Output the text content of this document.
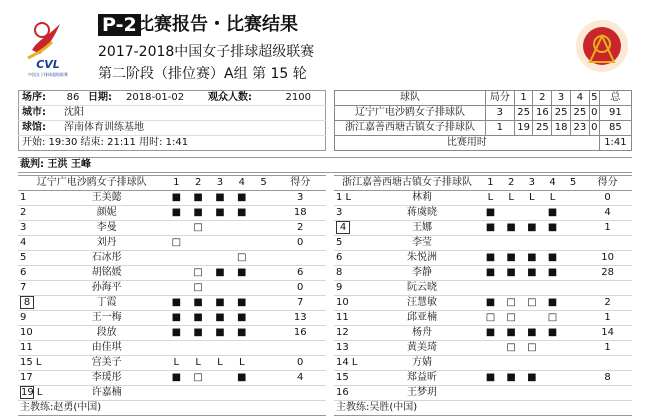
CVL
中国女子排球超级联赛
P-2 比赛报告・比赛结果
2017-2018中国女子排球超级联赛
第二阶段（排位赛）A组 第 15 轮
场序:	86	日期:	2018-01-02	观众人数:	2100
城市:	沈阳				
球馆:	浑南体育训练基地				
开始: 19:30 结束: 21:11 用时: 1:41					
球队	局分	1	2	3	4	5	总
辽宁广电沙鸥女子排球队	3	25	16	25	25	0	91
浙江嘉善西塘古镇女子排球队	1	19	25	18	23	0	85
比赛用时							1:41
裁判: 王洪 王峰
辽宁广电沙鸥女子排球队		1	2	3	4	5	得分
1	王美懿	■	■	■	■		3
2	颜妮	■	■	■	■		18
3	李曼		□				2
4	刘丹	□					0
5	石冰彤				□		
6	胡铭媛		□	■	■		6
7	孙海平		□				0
8	丁霞	■	■	■	■		7
9	王一梅	■	■	■	■		13
10	段放	■	■	■	■		16
11	由佳琪						
15 L	宫美子	L	L	L	L		0
17	李瑗彤	■	□		■		4
19 L	许嘉楠						
主教练:赵勇(中国)							
浙江嘉善西塘古镇女子排球队		1	2	3	4	5	得分
1 L	林莉	L	L	L	L		0
3	蒋虞晓	■			■		4
4	王娜	■	■	■	■		1
5	李莹						
6	朱悦洲	■	■	■	■		10
8	李静	■	■	■	■		28
9	阮云晓						
10	汪慧敏	■	□	□	■		2
11	邱亚楠	□	□		□		1
12	杨舟	■	■	■	■		14
13	黄美琦		□	□			1
14 L	方婧						
15	郑益昕	■	■	■			8
16	王梦玥						
主教练:吴胜(中国)							
